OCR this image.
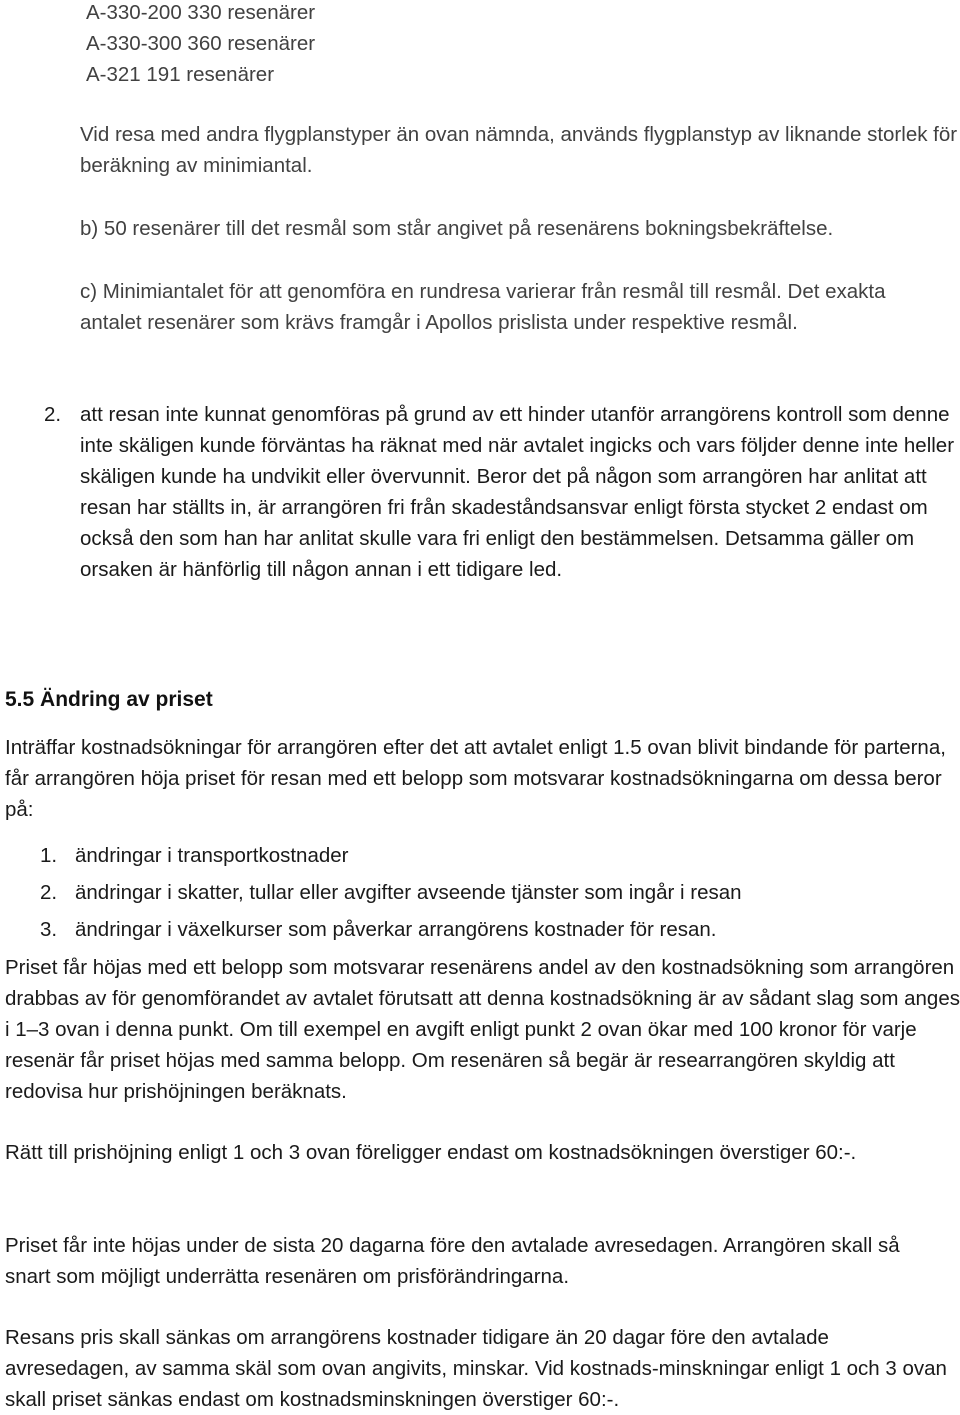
A-330-200 330 resenärer
A-330-300 360 resenärer
A-321 191 resenärer

Vid resa med andra flygplanstyper än ovan nämnda, används flygplanstyp av liknande storlek för beräkning av minimiantal.

b) 50 resenärer till det resmål som står angivet på resenärens bokningsbekräftelse.

c) Minimiantalet för att genomföra en rundresa varierar från resmål till resmål. Det exakta antalet resenärer som krävs framgår i Apollos prislista under respektive resmål.

2. att resan inte kunnat genomföras på grund av ett hinder utanför arrangörens kontroll som denne inte skäligen kunde förväntas ha räknat med när avtalet ingicks och vars följder denne inte heller skäligen kunde ha undvikit eller övervunnit. Beror det på någon som arrangören har anlitat att resan har ställts in, är arrangören fri från skadeståndsansvar enligt första stycket 2 endast om också den som han har anlitat skulle vara fri enligt den bestämmelsen. Detsamma gäller om orsaken är hänförlig till någon annan i ett tidigare led.

5.5 Ändring av priset

Inträffar kostnadsökningar för arrangören efter det att avtalet enligt 1.5 ovan blivit bindande för parterna, får arrangören höja priset för resan med ett belopp som motsvarar kostnadsökningarna om dessa beror på:

1. ändringar i transportkostnader
2. ändringar i skatter, tullar eller avgifter avseende tjänster som ingår i resan
3. ändringar i växelkurser som påverkar arrangörens kostnader för resan.

Priset får höjas med ett belopp som motsvarar resenärens andel av den kostnadsökning som arrangören drabbas av för genomförandet av avtalet förutsatt att denna kostnadsökning är av sådant slag som anges i 1–3 ovan i denna punkt. Om till exempel en avgift enligt punkt 2 ovan ökar med 100 kronor för varje resenär får priset höjas med samma belopp. Om resenären så begär är researrangören skyldig att redovisa hur prishöjningen beräknats.

Rätt till prishöjning enligt 1 och 3 ovan föreligger endast om kostnadsökningen överstiger 60:-.

Priset får inte höjas under de sista 20 dagarna före den avtalade avresedagen. Arrangören skall så snart som möjligt underrätta resenären om prisförändringarna.

Resans pris skall sänkas om arrangörens kostnader tidigare än 20 dagar före den avtalade avresedagen, av samma skäl som ovan angivits, minskar. Vid kostnads-minskningar enligt 1 och 3 ovan skall priset sänkas endast om kostnadsminskningen överstiger 60:-.
